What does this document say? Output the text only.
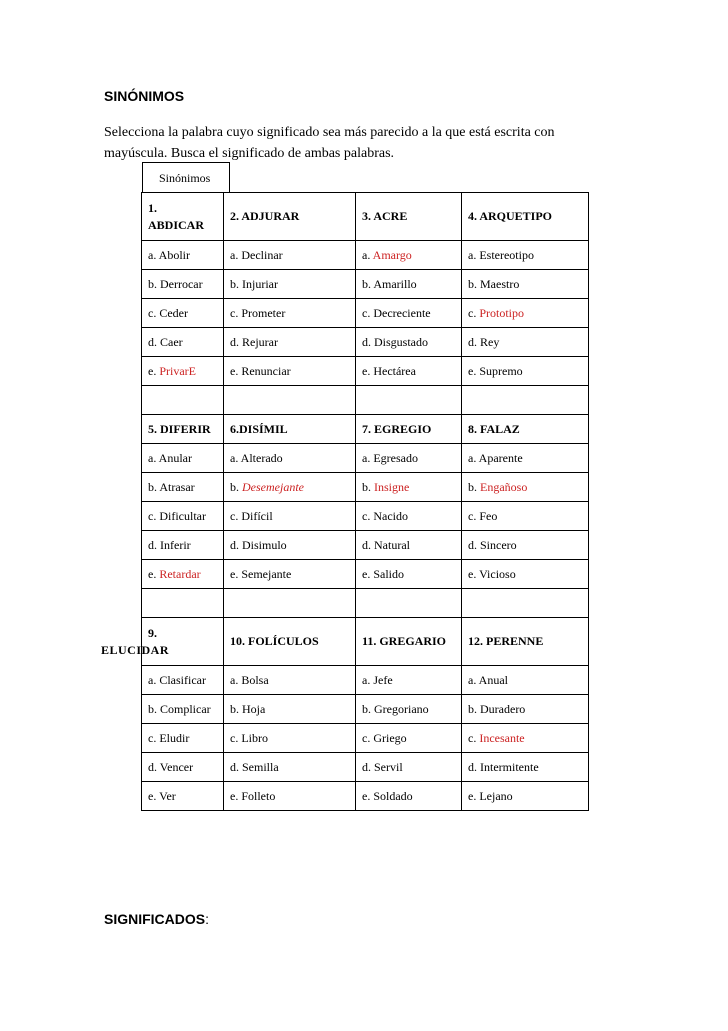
SINÓNIMOS
Selecciona la palabra cuyo significado sea más parecido a la que está escrita con mayúscula. Busca el significado de ambas palabras.
Sinónimos
1.
ABDICAR	2. ADJURAR	3. ACRE	4. ARQUETIPO
a. Abolir	a. Declinar	a. Amargo	a. Estereotipo
b. Derrocar	b. Injuriar	b. Amarillo	b. Maestro
c. Ceder	c. Prometer	c. Decreciente	c. Prototipo
d. Caer	d. Rejurar	d. Disgustado	d. Rey
e. PrivarE	e. Renunciar	e. Hectárea	e. Supremo

5. DIFERIR	6.DISÍMIL	7. EGREGIO	8. FALAZ
a. Anular	a. Alterado	a. Egresado	a. Aparente
b. Atrasar	b. Desemejante	b. Insigne	b. Engañoso
c. Dificultar	c. Difícil	c. Nacido	c. Feo
d. Inferir	d. Disimulo	d. Natural	d. Sincero
e. Retardar	e. Semejante	e. Salido	e. Vicioso

9.
ELUCIDAR	10. FOLÍCULOS	11. GREGARIO	12. PERENNE
a. Clasificar	a. Bolsa	a. Jefe	a. Anual
b. Complicar	b. Hoja	b. Gregoriano	b. Duradero
c. Eludir	c. Libro	c. Griego	c. Incesante
d. Vencer	d. Semilla	d. Servil	d. Intermitente
e. Ver	e. Folleto	e. Soldado	e. Lejano
SIGNIFICADOS:
